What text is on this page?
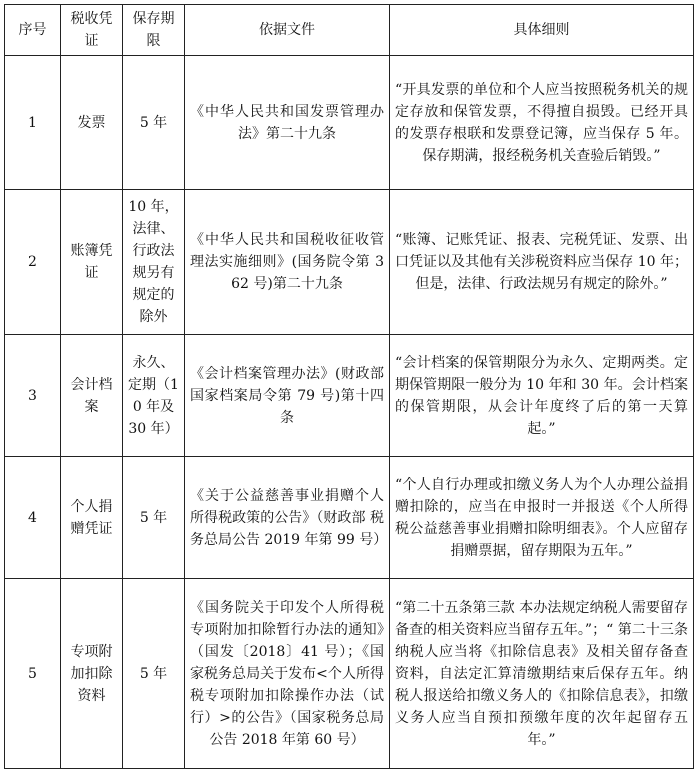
序号	税收凭证	保存期限	依据文件	具体细则
1	发票	5 年	《中华人民共和国发票管理办法》第二十九条	“开具发票的单位和个人应当按照税务机关的规定存放和保管发票，不得擅自损毁。已经开具的发票存根联和发票登记簿，应当保存 5 年。保存期满，报经税务机关查验后销毁。”
2	账簿凭证	10 年，法律、行政法规另有规定的除外	《中华人民共和国税收征收管理法实施细则》(国务院令第 362 号)第二十九条	“账簿、记账凭证、报表、完税凭证、发票、出口凭证以及其他有关涉税资料应当保存 10 年；但是，法律、行政法规另有规定的除外。”
3	会计档案	永久、定期（10 年及 30 年）	《会计档案管理办法》(财政部 国家档案局令第 79 号)第十四条	“会计档案的保管期限分为永久、定期两类。定期保管期限一般分为 10 年和 30 年。会计档案的保管期限，从会计年度终了后的第一天算起。”
4	个人捐赠凭证	5 年	《关于公益慈善事业捐赠个人所得税政策的公告》（财政部 税务总局公告 2019 年第 99 号）	“个人自行办理或扣缴义务人为个人办理公益捐赠扣除的，应当在申报时一并报送《个人所得税公益慈善事业捐赠扣除明细表》。个人应留存捐赠票据，留存期限为五年。”
5	专项附加扣除资料	5 年	《国务院关于印发个人所得税专项附加扣除暂行办法的通知》（国发〔2018〕41 号）；《国家税务总局关于发布<个人所得税专项附加扣除操作办法（试行）>的公告》（国家税务总局公告 2018 年第 60 号）	“第二十五条第三款 本办法规定纳税人需要留存备查的相关资料应当留存五年。”；“ 第二十三条 纳税人应当将《扣除信息表》及相关留存备查资料，自法定汇算清缴期结束后保存五年。纳税人报送给扣缴义务人的《扣除信息表》，扣缴义务人应当自预扣预缴年度的次年起留存五年。”
